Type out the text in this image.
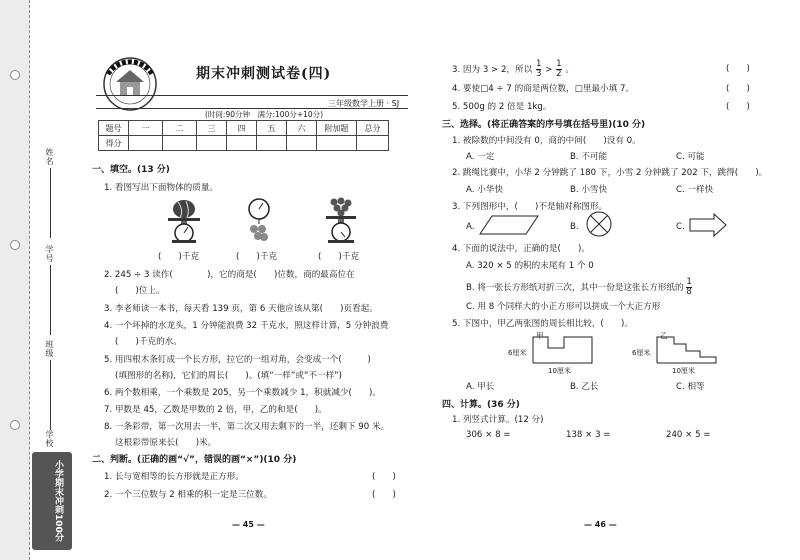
姓名
学号
班级
学校
小学期末冲刺100分
期末冲刺测试卷(四)
三年级数学上册 · SJ
(时间:90分钟　满分:100分+10分)
题号	一	二	三	四	五	六	附加题	总分
得分								
一、填空。(13 分)
1. 看图写出下面物体的质量。
(　　)千克	(　　)千克	(　　)千克
2. 245 ÷ 3 读作(　　　　)，它的商是(　　)位数，商的最高位在
(　　)位上。
3. 李老师读一本书，每天看 139 页，第 6 天他应该从第(　　)页看起。
4. 一个坏掉的水龙头，1 分钟能浪费 32 千克水，照这样计算，5 分钟浪费
(　　)千克的水。
5. 用四根木条钉成一个长方形，拉它的一组对角，会变成一个(　　　)
(填图形的名称)，它们的周长(　　)。(填“一样”或“不一样”)
6. 两个数相乘，一个乘数是 205，另一个乘数减少 1，积就减少(　　)。
7. 甲数是 45，乙数是甲数的 2 倍，甲，乙的和是(　　)。
8. 一条彩带，第一次用去一半，第二次又用去剩下的一半，还剩下 90 米。
这根彩带原来长(　　)米。
二、判断。(正确的画“√”，错误的画“×”)(10 分)
1. 长与宽相等的长方形就是正方形。	(　　)
2. 一个三位数与 2 相乘的积一定是三位数。	(　　)
— 45 —
3. 因为 3 > 2，所以 $\frac{1}{3} > \frac{1}{2}$ 。	(　　)
4. 要使□4 ÷ 7 的商是两位数，□里最小填 7。	(　　)
5. 500g 的 2 倍是 1kg。	(　　)
三、选择。(将正确答案的序号填在括号里)(10 分)
1. 被除数的中间没有 0，商的中间(　　)没有 0。
A. 一定	B. 不可能	C. 可能
2. 跳绳比赛中，小华 2 分钟跳了 180 下，小雪 2 分钟跳了 202 下，跳得(　　)。
A. 小华快	B. 小雪快	C. 一样快
3. 下列图形中，(　　)不是轴对称图形。
A.	B.	C.
4. 下面的说法中，正确的是(　　)。
A. 320 × 5 的积的末尾有 1 个 0
B. 将一张长方形纸对折三次，其中一份是这张长方形纸的 $\frac{1}{8}$
C. 用 8 个同样大的小正方形可以拼成一个大正方形
5. 下图中，甲乙两张图的周长相比较，(　　)。
甲
6厘米
10厘米
乙
6厘米
10厘米
A. 甲长	B. 乙长	C. 相等
四、计算。(36 分)
1. 列竖式计算。(12 分)
306 × 8 =	138 × 3 =	240 × 5 =
— 46 —
